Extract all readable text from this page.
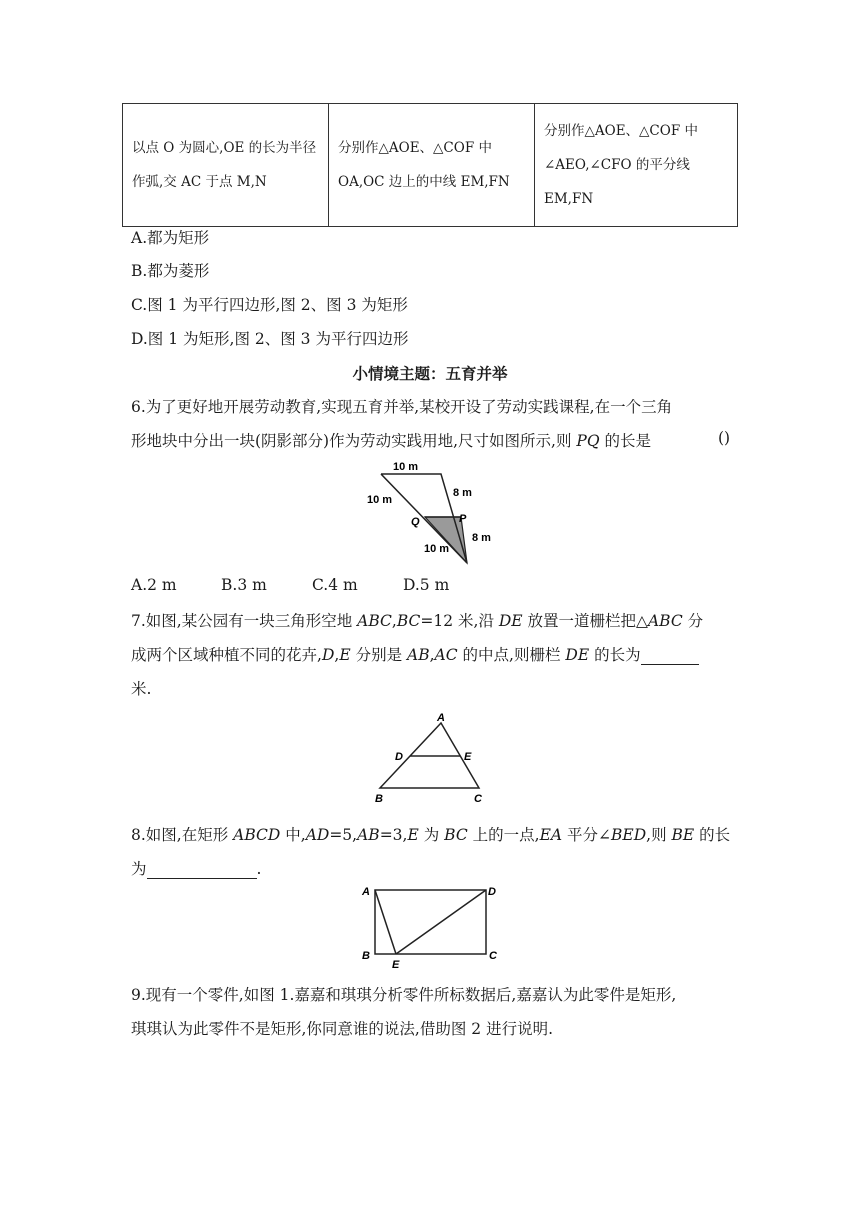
以点 O 为圆心,OE 的长为半径作弧,交 AC 于点 M,N	分别作△AOE、△COF 中 OA,OC 边上的中线 EM,FN	分别作△AOE、△COF 中∠AEO,∠CFO 的平分线 EM,FN
A.都为矩形
B.都为菱形
C.图 1 为平行四边形,图 2、图 3 为矩形
D.图 1 为矩形,图 2、图 3 为平行四边形
小情境主题：五育并举
6.为了更好地开展劳动教育,实现五育并举,某校开设了劳动实践课程,在一个三角
形地块中分出一块(阴影部分)作为劳动实践用地,尺寸如图所示,则 PQ 的长是	()
10 m
10 m
8 m
8 m
10 m
Q	P
A.2 m	B.3 m	C.4 m	D.5 m
7.如图,某公园有一块三角形空地 ABC,BC=12 米,沿 DE 放置一道栅栏把△ABC 分
成两个区域种植不同的花卉,D,E 分别是 AB,AC 的中点,则栅栏 DE 的长为
米.
A
B	C
D	E
8.如图,在矩形 ABCD 中,AD=5,AB=3,E 为 BC 上的一点,EA 平分∠BED,则 BE 的长
为	.
A
B	C
D
E
9.现有一个零件,如图 1.嘉嘉和琪琪分析零件所标数据后,嘉嘉认为此零件是矩形,
琪琪认为此零件不是矩形,你同意谁的说法,借助图 2 进行说明.
